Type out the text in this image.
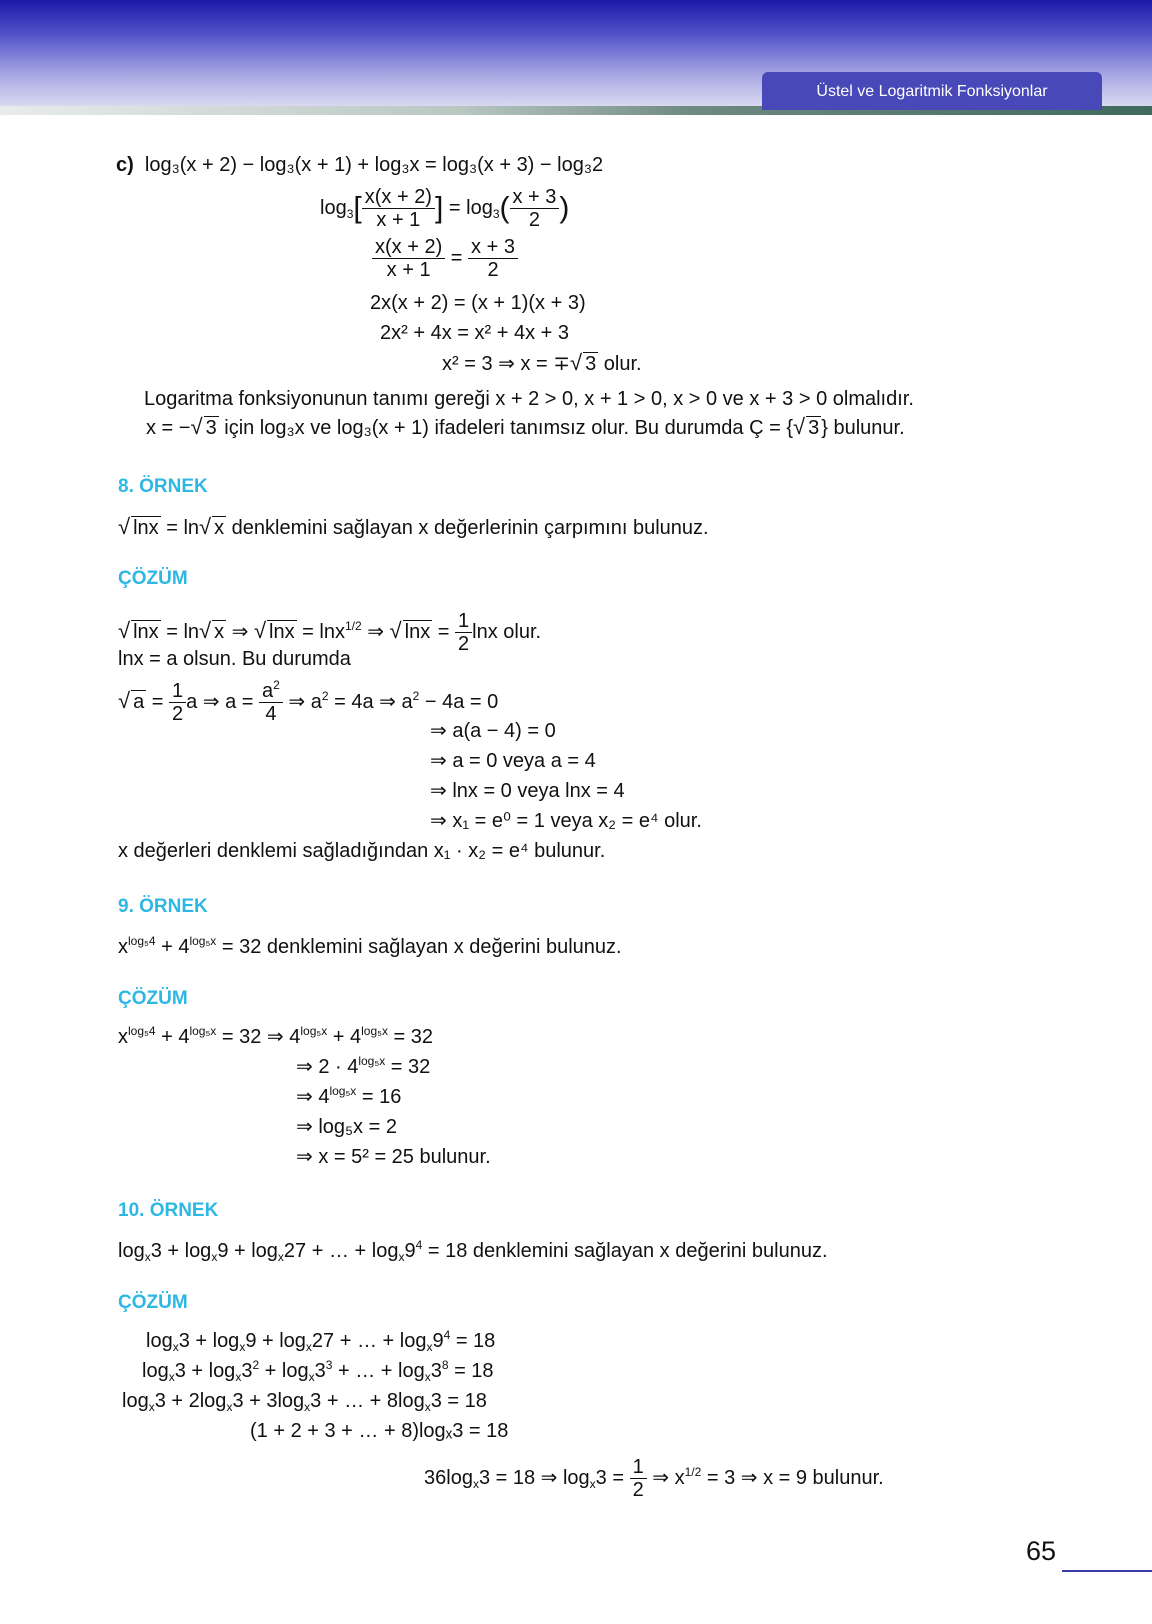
Üstel ve Logaritmik Fonksiyonlar
c) log₃(x + 2) − log₃(x + 1) + log₃x = log₃(x + 3) − log₃2
$\log_3[ \frac{x(x + 2)}{x + 1}$ ] = $\log_3( \frac{x + 3}{2}$ )
$\frac{x(x + 2)}{x + 1} = \frac{x + 3}{2}$
2x(x + 2) = (x + 1)(x + 3)
2x² + 4x = x² + 4x + 3
x² = 3 ⇒ x = ∓√ 3 olur.
Logaritma fonksiyonunun tanımı gereği x + 2 > 0, x + 1 > 0, x > 0 ve x + 3 > 0 olmalıdır.
x = −√ 3 için log₃x ve log₃(x + 1) ifadeleri tanımsız olur. Bu durumda Ç = {√ 3 } bulunur.
8. ÖRNEK
√ lnx = ln√ x denklemini sağlayan x değerlerinin çarpımını bulunuz.
ÇÖZÜM
√ lnx = ln√ x ⇒ √ lnx = lnx$^{1/2}$ ⇒ √ $\ln x = \frac{1}{2}$ lnx olur.
lnx = a olsun. Bu durumda
√ $a = \frac{1}{2}$ a ⇒ $a = \frac{a^2}{4}$ ⇒ $a^2 = 4a$ ⇒ $a^2 - 4a = 0$
⇒ a(a − 4) = 0
⇒ a = 0 veya a = 4
⇒ lnx = 0 veya lnx = 4
⇒ x₁ = e⁰ = 1 veya x₂ = e⁴ olur.
x değerleri denklemi sağladığından x₁ · x₂ = e⁴ bulunur.
9. ÖRNEK
$x^{log_54} + 4^{log_5x} = 32$ denklemini sağlayan x değerini bulunuz.
ÇÖZÜM
$x^{log_54} + 4^{log_5x} = 32$ ⇒ $4^{log_5x} + 4^{log_5x} = 32$
⇒ $2 \cdot 4^{log_5x} = 32$
⇒ $4^{log_5x} = 16$
⇒ log₅x = 2
⇒ x = 5² = 25 bulunur.
10. ÖRNEK
$\log_x3 + \log_x9 + \log_x27$ + … + $\log_x9^4 = 18$ denklemini sağlayan x değerini bulunuz.
ÇÖZÜM
$\log_x3 + \log_x9 + \log_x27$ + … + $\log_x9^4 = 18$
$\log_x3 + \log_x3^2 + \log_x3^3$ + … + $\log_x3^8 = 18$
$\log_x3 + 2\log_x3 + 3\log_x3$ + … + $8\log_x3 = 18$
(1 + 2 + 3 + … + 8)logₓ3 = 18
$36\log_x3 = 18$ ⇒ $\log_x3 = \frac{1}{2}$ ⇒ $x^{1/2} = 3$ ⇒ x = 9 bulunur.
65
